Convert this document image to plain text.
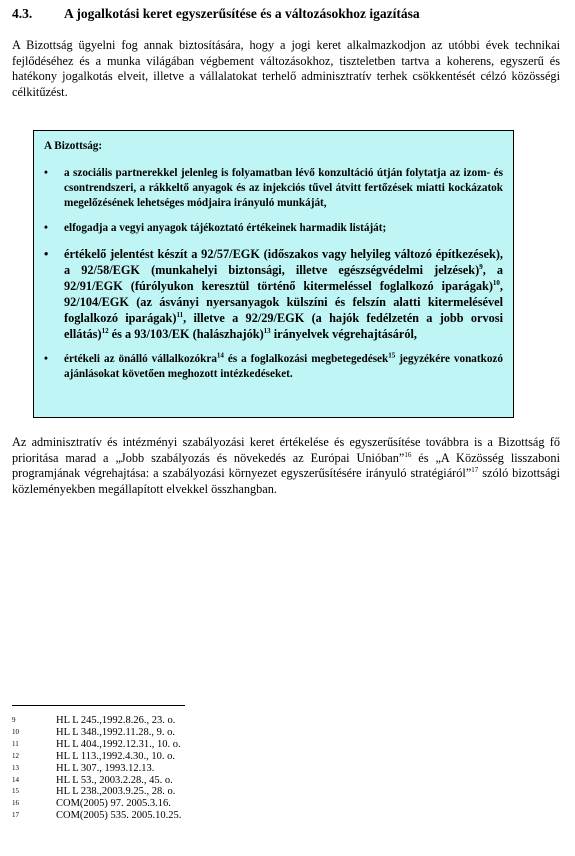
4.3. A jogalkotási keret egyszerűsítése és a változásokhoz igazítása
A Bizottság ügyelni fog annak biztosítására, hogy a jogi keret alkalmazkodjon az utóbbi évek technikai fejlődéséhez és a munka világában végbement változásokhoz, tiszteletben tartva a koherens, egyszerű és hatékony jogalkotás elveit, illetve a vállalatokat terhelő adminisztratív terhek csökkentését célzó közösségi célkitűzést.
A Bizottság:
• a szociális partnerekkel jelenleg is folyamatban lévő konzultáció útján folytatja az izom- és csontrendszeri, a rákkeltő anyagok és az injekciós tűvel átvitt fertőzések miatti kockázatok megelőzésének lehetséges módjaira irányuló munkáját,
• elfogadja a vegyi anyagok tájékoztató értékeinek harmadik listáját;
• értékelő jelentést készít a 92/57/EGK (időszakos vagy helyileg változó építkezések), a 92/58/EGK (munkahelyi biztonsági, illetve egészségvédelmi jelzések)$^9$, a 92/91/EGK (fúrólyukon keresztül történő kitermeléssel foglalkozó iparágak)$^{10}$, 92/104/EGK (az ásványi nyersanyagok külszíni és felszín alatti kitermelésével foglalkozó iparágak)$^{11}$, illetve a 92/29/EGK (a hajók fedélzetén a jobb orvosi ellátás)$^{12}$ és a 93/103/EK (halászhajók)$^{13}$ irányelvek végrehajtásáról,
• értékeli az önálló vállalkozókra$^{14}$ és a foglalkozási megbetegedések$^{15}$ jegyzékére vonatkozó ajánlásokat követően meghozott intézkedéseket.
Az adminisztratív és intézményi szabályozási keret értékelése és egyszerűsítése továbbra is a Bizottság fő prioritása marad a „Jobb szabályozás és növekedés az Európai Unióban”$^{16}$ és „A Közösség lisszaboni programjának végrehajtása: a szabályozási környezet egyszerűsítésére irányuló stratégiáról”$^{17}$ szóló bizottsági közleményekben megállapított elvekkel összhangban.
9	HL L 245.,1992.8.26., 23. o.
10	HL L 348.,1992.11.28., 9. o.
11	HL L 404.,1992.12.31., 10. o.
12	HL L 113.,1992.4.30., 10. o.
13	HL L 307., 1993.12.13.
14	HL L 53., 2003.2.28., 45. o.
15	HL L 238.,2003.9.25., 28. o.
16	COM(2005) 97. 2005.3.16.
17	COM(2005) 535. 2005.10.25.
